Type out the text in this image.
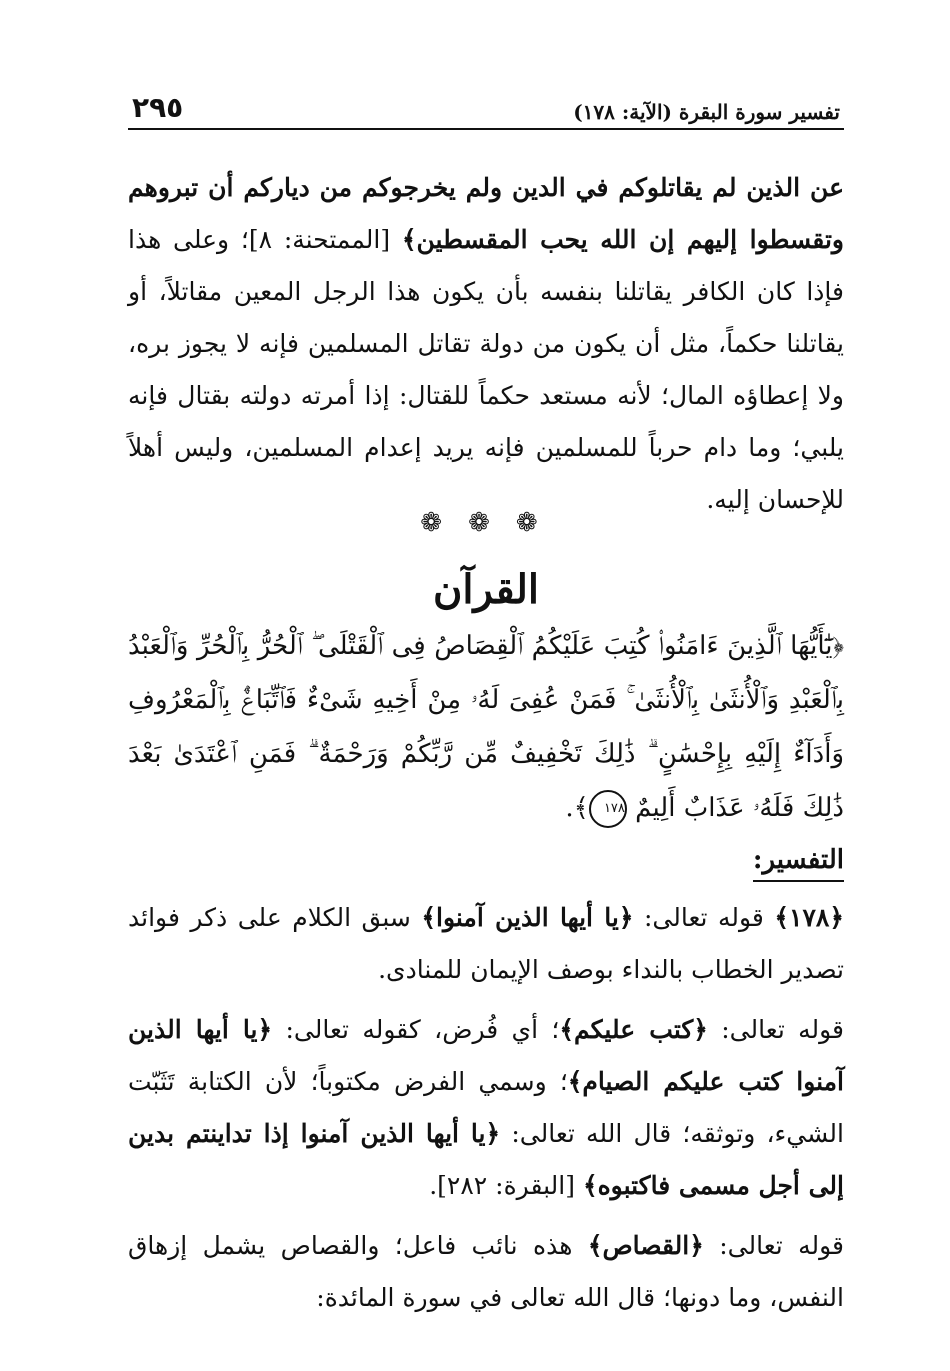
تفسير سورة البقرة (الآية: ١٧٨)
٢٩٥

عن الذين لم يقاتلوكم في الدين ولم يخرجوكم من دياركم أن تبروهم وتقسطوا إليهم إن الله يحب المقسطين﴾ [الممتحنة: ٨]؛ وعلى هذا فإذا كان الكافر يقاتلنا بنفسه بأن يكون هذا الرجل المعين مقاتلاً، أو يقاتلنا حكماً، مثل أن يكون من دولة تقاتل المسلمين فإنه لا يجوز بره، ولا إعطاؤه المال؛ لأنه مستعد حكماً للقتال: إذا أمرته دولته بقتال فإنه يلبي؛ وما دام حرباً للمسلمين فإنه يريد إعدام المسلمين، وليس أهلاً للإحسان إليه.

❁❁❁

القرآن

﴿يَٰٓأَيُّهَا ٱلَّذِينَ ءَامَنُوا۟ كُتِبَ عَلَيْكُمُ ٱلْقِصَاصُ فِى ٱلْقَتْلَى ۖ ٱلْحُرُّ بِٱلْحُرِّ وَٱلْعَبْدُ بِٱلْعَبْدِ وَٱلْأُنثَىٰ بِٱلْأُنثَىٰ ۚ فَمَنْ عُفِىَ لَهُۥ مِنْ أَخِيهِ شَىْءٌ فَٱتِّبَاعٌۢ بِٱلْمَعْرُوفِ وَأَدَآءٌ إِلَيْهِ بِإِحْسَٰنٍ ۗ ذَٰلِكَ تَخْفِيفٌ مِّن رَّبِّكُمْ وَرَحْمَةٌ ۗ فَمَنِ ٱعْتَدَىٰ بَعْدَ ذَٰلِكَ فَلَهُۥ عَذَابٌ أَلِيمٌ ١٧٨﴾.

التفسير:

﴿١٧٨﴾ قوله تعالى: ﴿يا أيها الذين آمنوا﴾ سبق الكلام على ذكر فوائد تصدير الخطاب بالنداء بوصف الإيمان للمنادى.

قوله تعالى: ﴿كتب عليكم﴾؛ أي فُرض، كقوله تعالى: ﴿يا أيها الذين آمنوا كتب عليكم الصيام﴾؛ وسمي الفرض مكتوباً؛ لأن الكتابة تَثَبّت الشيء، وتوثقه؛ قال الله تعالى: ﴿يا أيها الذين آمنوا إذا تداينتم بدين إلى أجل مسمى فاكتبوه﴾ [البقرة: ٢٨٢].

قوله تعالى: ﴿القصاص﴾ هذه نائب فاعل؛ والقصاص يشمل إزهاق النفس، وما دونها؛ قال الله تعالى في سورة المائدة:
